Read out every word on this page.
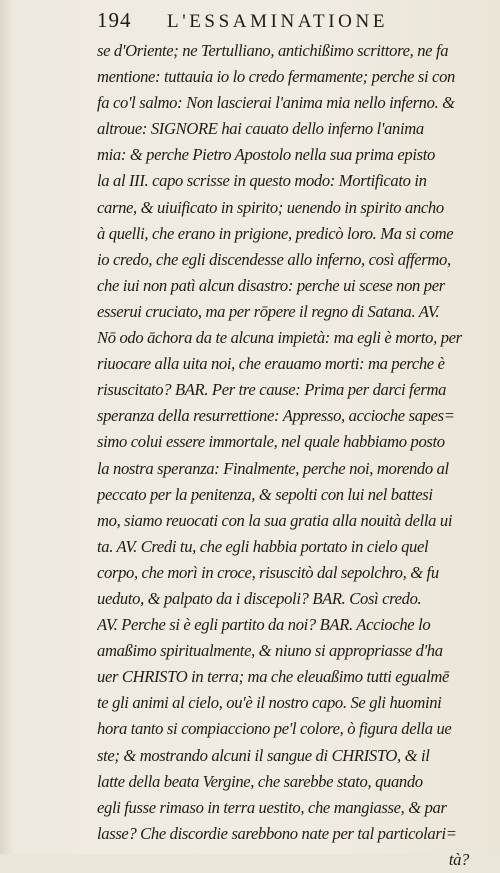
194	L'ESSAMINATIONE
se d'Oriente; ne Tertulliano, antichißimo scrittore, ne fa
mentione: tuttauia io lo credo fermamente; perche si con
fa co'l salmo: Non lascierai l'anima mia nello inferno. &
altroue: SIGNORE hai cauato dello inferno l'anima
mia: & perche Pietro Apostolo nella sua prima epistο
la al III. capo scrisse in questo modo: Mortificato in
carne, & uiuificato in spirito; uenendo in spirito ancho
à quelli, che erano in prigione, predicò loro. Ma si come
io credo, che egli discendesse allo inferno, così affermo,
che iui non patì alcun disastro: perche ui scese non per
esserui cruciato, ma per rōpere il regno di Satana. AV.
Nō odo āchora da te alcuna impietà: ma egli è morto, per
riuocare alla uita noi, che erauamo morti: ma perche è
risuscitato? BAR. Per tre cause: Prima per darci ferma
speranza della resurrettione: Appresso, accioche sapes=
simo colui essere immortale, nel quale habbiamo posto
la nostra speranza: Finalmente, perche noi, morendo al
peccato per la penitenza, & sepolti con lui nel battesi
mo, siamo reuocati con la sua gratia alla nouità della ui
ta. AV. Credi tu, che egli habbia portato in cielo quel
corpo, che morì in croce, risuscitò dal sepolchro, & fu
ueduto, & palpato da i discepoli? BAR. Così credo.
AV. Perche si è egli partito da noi? BAR. Accioche lo
amaßimo spiritualmente, & niuno si appropriasse d'ha
uer CHRISTO in terra; ma che eleuaßimo tutti egualmē
te gli animi al cielo, ou'è il nostro capo. Se gli huomini
hora tanto si compiacciono pe'l colore, ò figura della ue
ste; & mostrando alcuni il sangue di CHRISTO, & il
latte della beata Vergine, che sarebbe stato, quando
egli fusse rimaso in terra uestito, che mangiasse, & par
lasse? Che discordie sarebbono nate per tal particolari=
tà?
